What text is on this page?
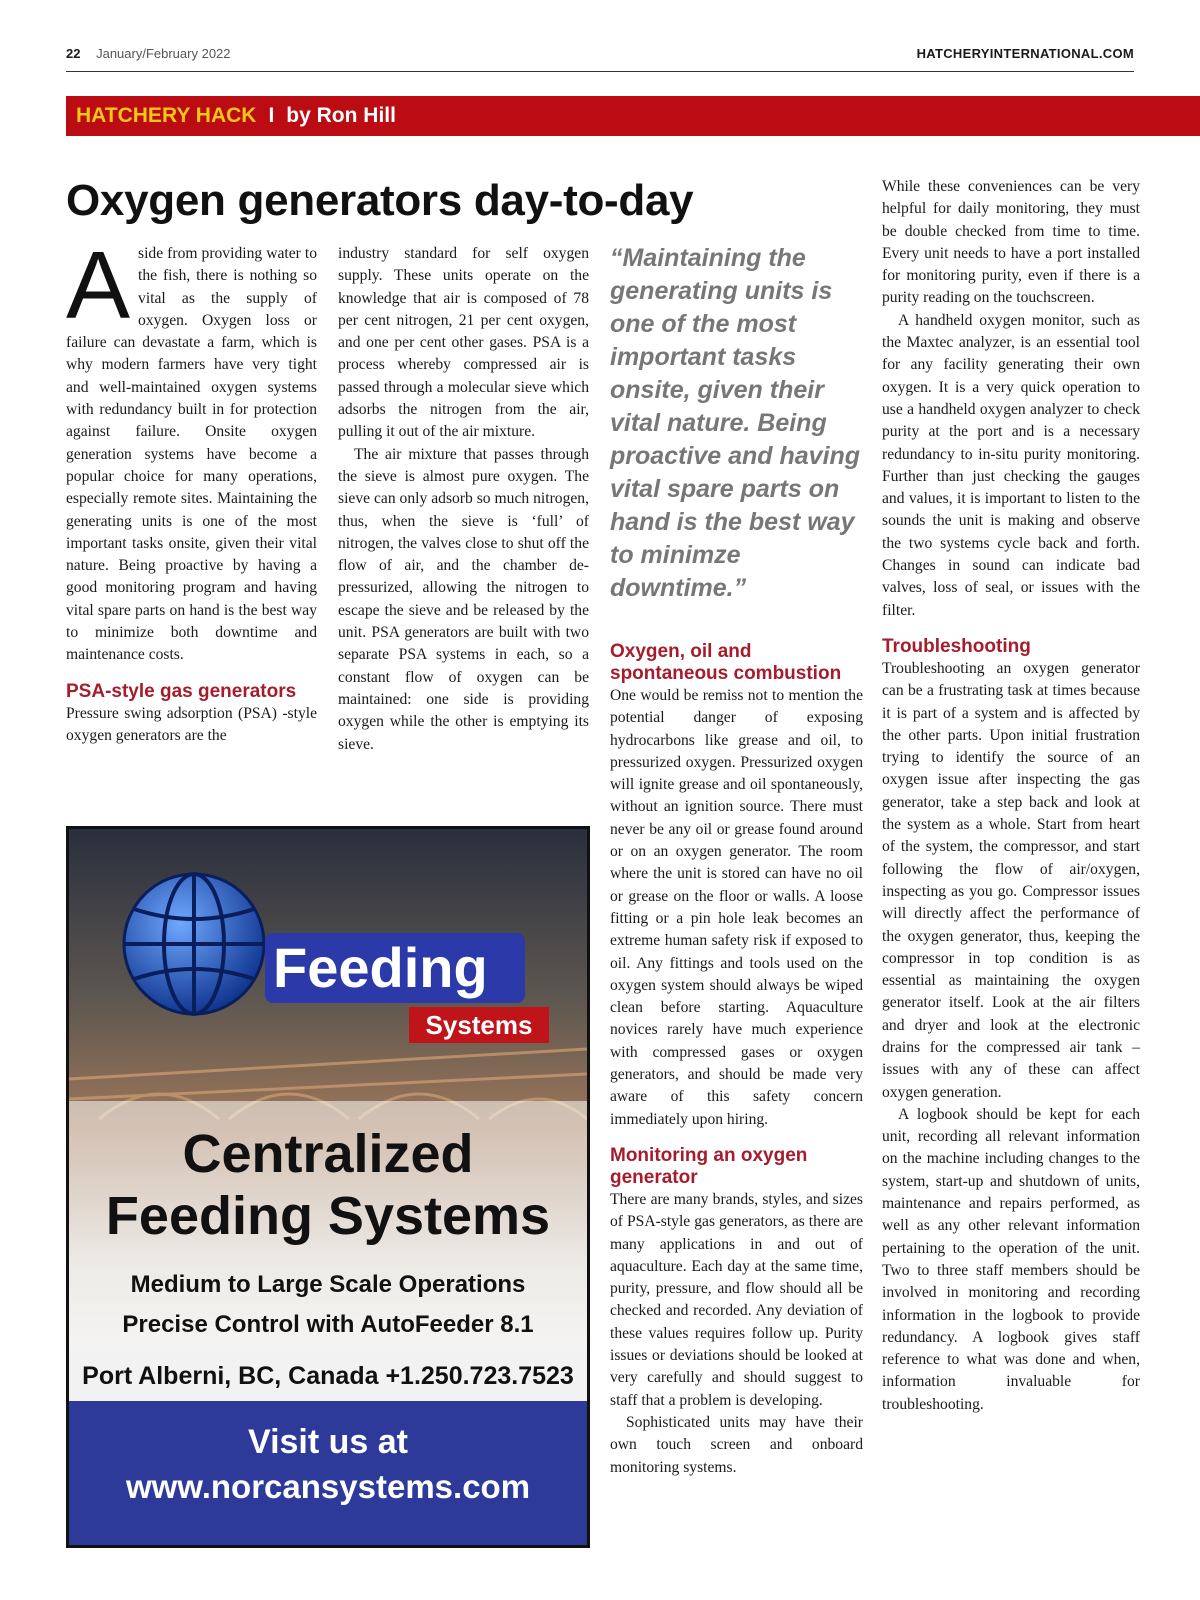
22 January/February 2022	HATCHERYINTERNATIONAL.COM
HATCHERY HACK I by Ron Hill
Oxygen generators day-to-day

Aside from providing water to the fish, there is nothing so vital as the supply of oxygen. Oxygen loss or failure can devastate a farm, which is why modern farmers have very tight and well-maintained oxygen systems with redundancy built in for protection against failure. Onsite oxygen generation systems have become a popular choice for many operations, especially remote sites. Maintaining the generating units is one of the most important tasks onsite, given their vital nature. Being proactive by having a good monitoring program and having vital spare parts on hand is the best way to minimize both downtime and maintenance costs.

PSA-style gas generators

Pressure swing adsorption (PSA) -style oxygen generators are the

industry standard for self oxygen supply. These units operate on the knowledge that air is composed of 78 per cent nitrogen, 21 per cent oxygen, and one per cent other gases. PSA is a process whereby compressed air is passed through a molecular sieve which adsorbs the nitrogen from the air, pulling it out of the air mixture.

The air mixture that passes through the sieve is almost pure oxygen. The sieve can only adsorb so much nitrogen, thus, when the sieve is ‘full’ of nitrogen, the valves close to shut off the flow of air, and the chamber de-pressurized, allowing the nitrogen to escape the sieve and be released by the unit. PSA generators are built with two separate PSA systems in each, so a constant flow of oxygen can be maintained: one side is providing oxygen while the other is emptying its sieve.

“Maintaining the generating units is one of the most important tasks onsite, given their vital nature. Being proactive and having vital spare parts on hand is the best way to minimze downtime.”
Oxygen, oil and spontaneous combustion

One would be remiss not to mention the potential danger of exposing hydrocarbons like grease and oil, to pressurized oxygen. Pressurized oxygen will ignite grease and oil spontaneously, without an ignition source. There must never be any oil or grease found around or on an oxygen generator. The room where the unit is stored can have no oil or grease on the floor or walls. A loose fitting or a pin hole leak becomes an extreme human safety risk if exposed to oil. Any fittings and tools used on the oxygen system should always be wiped clean before starting. Aquaculture novices rarely have much experience with compressed gases or oxygen generators, and should be made very aware of this safety concern immediately upon hiring.

Monitoring an oxygen generator

There are many brands, styles, and sizes of PSA-style gas generators, as there are many applications in and out of aquaculture. Each day at the same time, purity, pressure, and flow should all be checked and recorded. Any deviation of these values requires follow up. Purity issues or deviations should be looked at very carefully and should suggest to staff that a problem is developing.

Sophisticated units may have their own touch screen and onboard monitoring systems.

While these conveniences can be very helpful for daily monitoring, they must be double checked from time to time. Every unit needs to have a port installed for monitoring purity, even if there is a purity reading on the touchscreen.

A handheld oxygen monitor, such as the Maxtec analyzer, is an essential tool for any facility generating their own oxygen. It is a very quick operation to use a handheld oxygen analyzer to check purity at the port and is a necessary redundancy to in-situ purity monitoring. Further than just checking the gauges and values, it is important to listen to the sounds the unit is making and observe the two systems cycle back and forth. Changes in sound can indicate bad valves, loss of seal, or issues with the filter.

Troubleshooting

Troubleshooting an oxygen generator can be a frustrating task at times because it is part of a system and is affected by the other parts. Upon initial frustration trying to identify the source of an oxygen issue after inspecting the gas generator, take a step back and look at the system as a whole. Start from heart of the system, the compressor, and start following the flow of air/oxygen, inspecting as you go. Compressor issues will directly affect the performance of the oxygen generator, thus, keeping the compressor in top condition is as essential as maintaining the oxygen generator itself. Look at the air filters and dryer and look at the electronic drains for the compressed air tank – issues with any of these can affect oxygen generation.

A logbook should be kept for each unit, recording all relevant information on the machine including changes to the system, start-up and shutdown of units, maintenance and repairs performed, as well as any other relevant information pertaining to the operation of the unit. Two to three staff members should be involved in monitoring and recording information in the logbook to provide redundancy. A logbook gives staff reference to what was done and when, information invaluable for troubleshooting.

Feeding
Systems
Centralized
Feeding Systems
Medium to Large Scale Operations
Precise Control with AutoFeeder 8.1
Port Alberni, BC, Canada +1.250.723.7523
Visit us at
www.norcansystems.com
